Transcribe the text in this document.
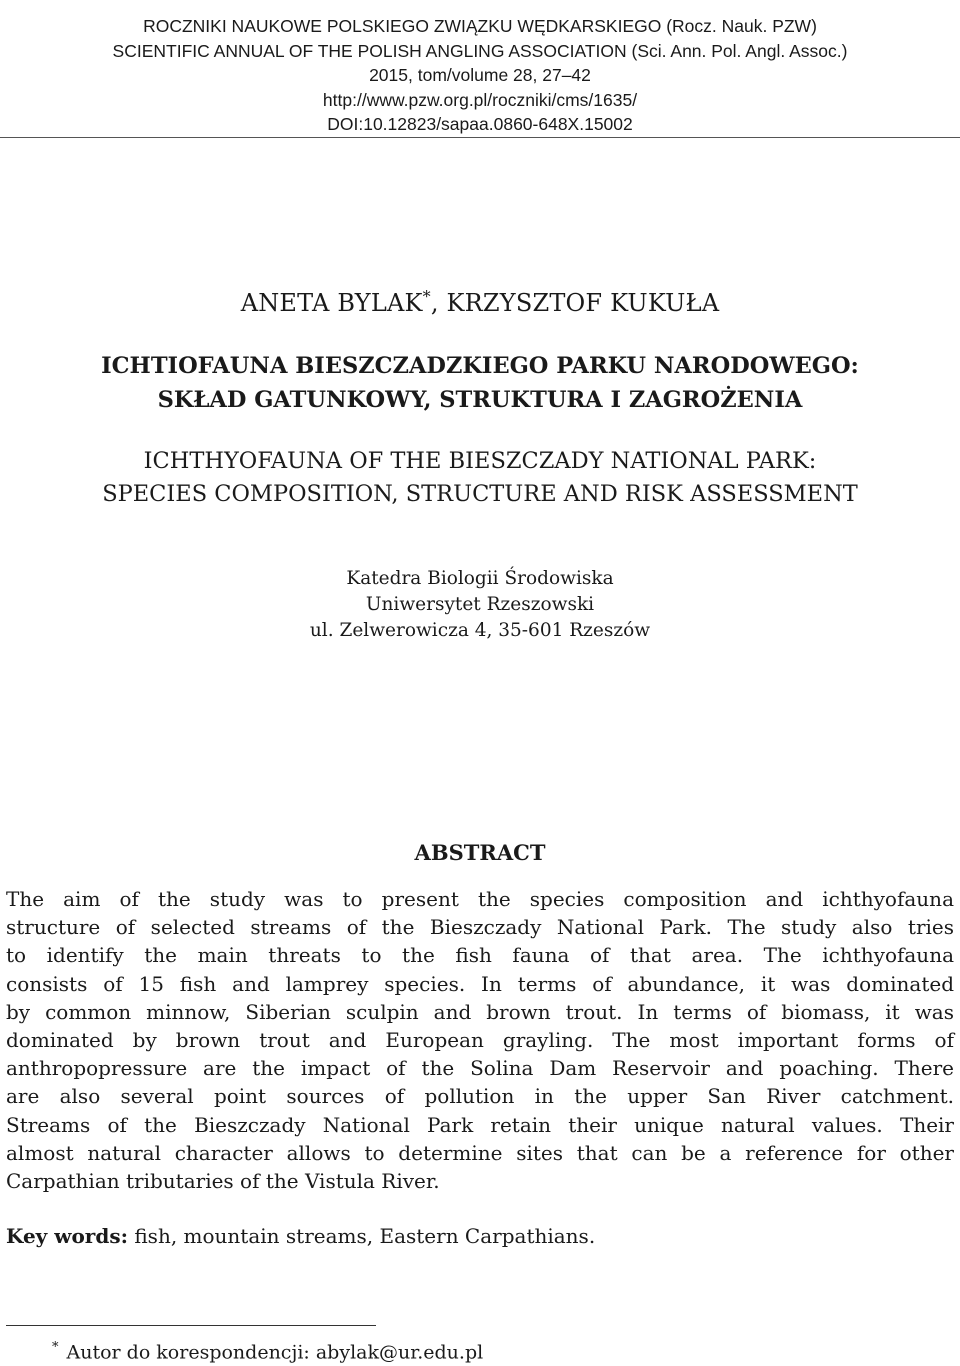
ROCZNIKI NAUKOWE POLSKIEGO ZWIĄZKU WĘDKARSKIEGO (Rocz. Nauk. PZW)
SCIENTIFIC ANNUAL OF THE POLISH ANGLING ASSOCIATION (Sci. Ann. Pol. Angl. Assoc.)
2015, tom/volume 28, 27–42
http://www.pzw.org.pl/roczniki/cms/1635/
DOI:10.12823/sapaa.0860-648X.15002
ANETA BYLAK*, KRZYSZTOF KUKUŁA
ICHTIOFAUNA BIESZCZADZKIEGO PARKU NARODOWEGO:
SKŁAD GATUNKOWY, STRUKTURA I ZAGROŻENIA
ICHTHYOFAUNA OF THE BIESZCZADY NATIONAL PARK:
SPECIES COMPOSITION, STRUCTURE AND RISK ASSESSMENT
Katedra Biologii Środowiska
Uniwersytet Rzeszowski
ul. Zelwerowicza 4, 35-601 Rzeszów
ABSTRACT
The aim of the study was to present the species composition and ichthyofauna
structure of selected streams of the Bieszczady National Park. The study also tries
to identify the main threats to the fish fauna of that area. The ichthyofauna
consists of 15 fish and lamprey species. In terms of abundance, it was dominated
by common minnow, Siberian sculpin and brown trout. In terms of biomass, it was
dominated by brown trout and European grayling. The most important forms of
anthropopressure are the impact of the Solina Dam Reservoir and poaching. There
are also several point sources of pollution in the upper San River catchment.
Streams of the Bieszczady National Park retain their unique natural values. Their
almost natural character allows to determine sites that can be a reference for other
Carpathian tributaries of the Vistula River.
Key words: fish, mountain streams, Eastern Carpathians.
* Autor do korespondencji: abylak@ur.edu.pl
